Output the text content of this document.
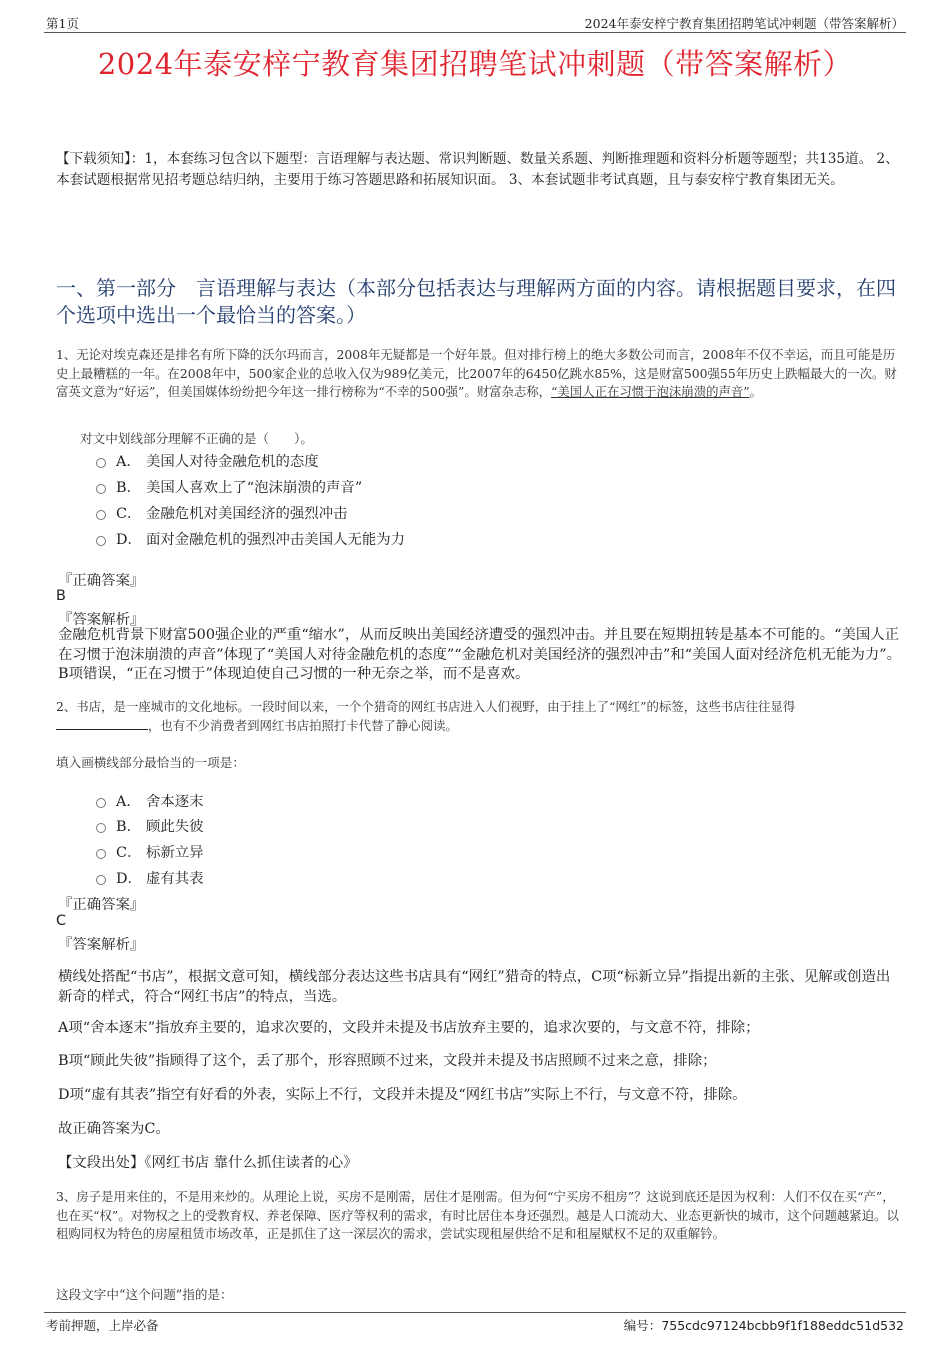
第1页	2024年泰安梓宁教育集团招聘笔试冲刺题（带答案解析）
2024年泰安梓宁教育集团招聘笔试冲刺题（带答案解析）
【下载须知】：1，本套练习包含以下题型：言语理解与表达题、常识判断题、数量关系题、判断推理题和资料分析题等题型；共135道。 2、本套试题根据常见招考题总结归纳，主要用于练习答题思路和拓展知识面。 3、本套试题非考试真题，且与泰安梓宁教育集团无关。
一、第一部分　言语理解与表达（本部分包括表达与理解两方面的内容。请根据题目要求，在四个选项中选出一个最恰当的答案。）
1、无论对埃克森还是排名有所下降的沃尔玛而言，2008年无疑都是一个好年景。但对排行榜上的绝大多数公司而言，2008年不仅不幸运，而且可能是历史上最糟糕的一年。在2008年中，500家企业的总收入仅为989亿美元，比2007年的6450亿跳水85%，这是财富500强55年历史上跌幅最大的一次。财富英文意为“好运”，但美国媒体纷纷把今年这一排行榜称为“不幸的500强”。财富杂志称，“美国人正在习惯于泡沫崩溃的声音”。
对文中划线部分理解不正确的是（　　）。
A． 美国人对待金融危机的态度
B． 美国人喜欢上了“泡沫崩溃的声音”
C． 金融危机对美国经济的强烈冲击
D． 面对金融危机的强烈冲击美国人无能为力
『正确答案』
B
『答案解析』
金融危机背景下财富500强企业的严重“缩水”，从而反映出美国经济遭受的强烈冲击。并且要在短期扭转是基本不可能的。“美国人正在习惯于泡沫崩溃的声音”体现了“美国人对待金融危机的态度”“金融危机对美国经济的强烈冲击”和“美国人面对经济危机无能为力”。B项错误，“正在习惯于”体现迫使自己习惯的一种无奈之举，而不是喜欢。
2、书店，是一座城市的文化地标。一段时间以来，一个个猎奇的网红书店进入人们视野，由于挂上了“网红”的标签，这些书店往往显得
，也有不少消费者到网红书店拍照打卡代替了静心阅读。
填入画横线部分最恰当的一项是：
A． 舍本逐末
B． 顾此失彼
C． 标新立异
D． 虚有其表
『正确答案』
C
『答案解析』
横线处搭配“书店”，根据文意可知，横线部分表达这些书店具有“网红”猎奇的特点，C项“标新立异”指提出新的主张、见解或创造出新奇的样式，符合“网红书店”的特点，当选。
A项“舍本逐末”指放弃主要的，追求次要的，文段并未提及书店放弃主要的，追求次要的，与文意不符，排除；
B项“顾此失彼”指顾得了这个，丢了那个，形容照顾不过来，文段并未提及书店照顾不过来之意，排除；
D项“虚有其表”指空有好看的外表，实际上不行，文段并未提及“网红书店”实际上不行，与文意不符，排除。
故正确答案为C。
【文段出处】《网红书店 靠什么抓住读者的心》
3、房子是用来住的，不是用来炒的。从理论上说，买房不是刚需，居住才是刚需。但为何“宁买房不租房”？这说到底还是因为权利：人们不仅在买“产”，也在买“权”。对物权之上的受教育权、养老保障、医疗等权利的需求，有时比居住本身还强烈。越是人口流动大、业态更新快的城市，这个问题越紧迫。以租购同权为特色的房屋租赁市场改革，正是抓住了这一深层次的需求，尝试实现租屋供给不足和租屋赋权不足的双重解钤。
这段文字中“这个问题”指的是：
考前押题，上岸必备	编号：755cdc97124bcbb9f1f188eddc51d532
